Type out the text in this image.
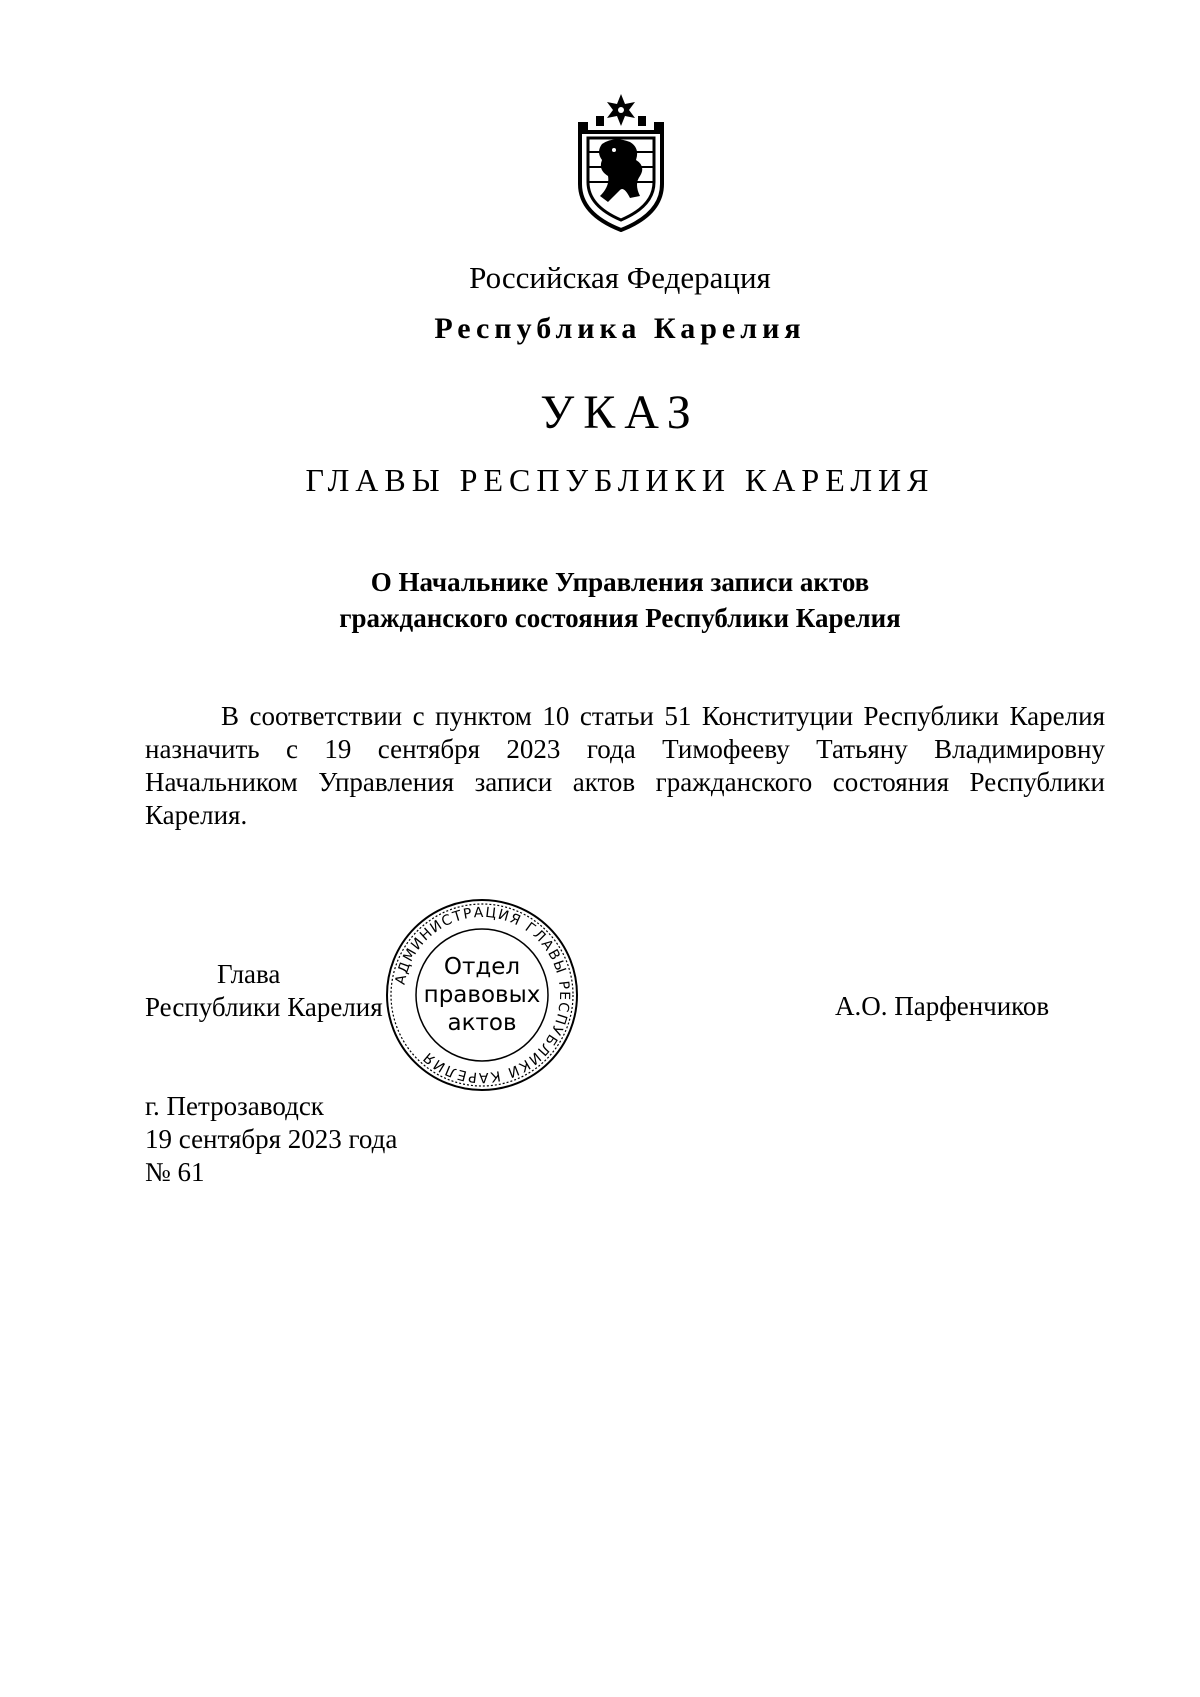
Российская Федерация
Республика Карелия
УКАЗ
ГЛАВЫ РЕСПУБЛИКИ КАРЕЛИЯ
О Начальнике Управления записи актов
гражданского состояния Республики Карелия
В соответствии с пунктом 10 статьи 51 Конституции Республики Карелия назначить с 19 сентября 2023 года Тимофееву Татьяну Владимировну Начальником Управления записи актов гражданского состояния Республики Карелия.
Глава
Республики Карелия	А.О. Парфенчиков
АДМИНИСТРАЦИЯ ГЛАВЫ РЕСПУБЛИКИ КАРЕЛИЯ
Отдел
правовых
актов
г. Петрозаводск
19 сентября 2023 года
№ 61
